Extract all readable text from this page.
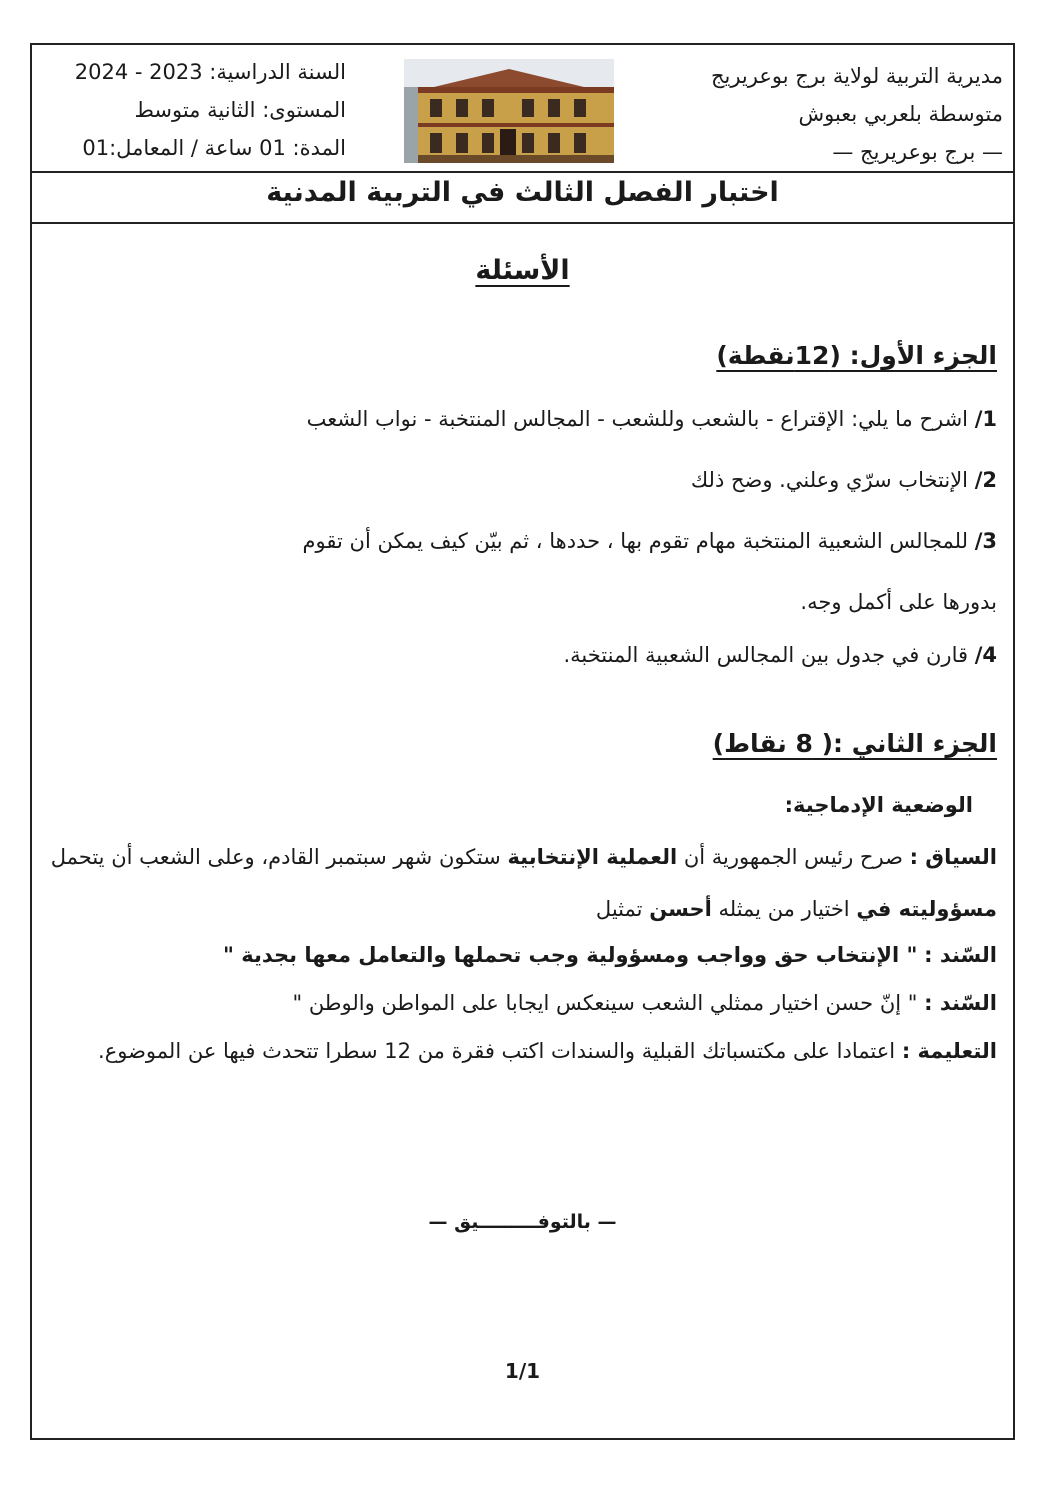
مديرية التربية لولاية برج بوعريريج
متوسطة بلعربي بعبوش
— برج بوعريريج —
السنة الدراسية: 2023 - 2024
المستوى: الثانية متوسط
المدة: 01 ساعة / المعامل:01
اختبار الفصل الثالث في التربية المدنية
الأسئلة
الجزء الأول: (12نقطة)
1/ اشرح ما يلي: الإقتراع - بالشعب وللشعب - المجالس المنتخبة - نواب الشعب
2/ الإنتخاب سرّي وعلني. وضح ذلك
3/ للمجالس الشعبية المنتخبة مهام تقوم بها ، حددها ، ثم بيّن كيف يمكن أن تقوم
بدورها على أكمل وجه.
4/ قارن في جدول بين المجالس الشعبية المنتخبة.
الجزء الثاني :( 8 نقاط)
الوضعية الإدماجية:
السياق : صرح رئيس الجمهورية أن العملية الإنتخابية ستكون شهر سبتمبر القادم، وعلى الشعب أن يتحمل
مسؤوليته في اختيار من يمثله أحسن تمثيل
السّند : " الإنتخاب حق وواجب ومسؤولية وجب تحملها والتعامل معها بجدية "
السّند : " إنّ حسن اختيار ممثلي الشعب سينعكس ايجابا على المواطن والوطن "
التعليمة : اعتمادا على مكتسباتك القبلية والسندات اكتب فقرة من 12 سطرا تتحدث فيها عن الموضوع.
— بالتوفـــــــــيق —
1/1
